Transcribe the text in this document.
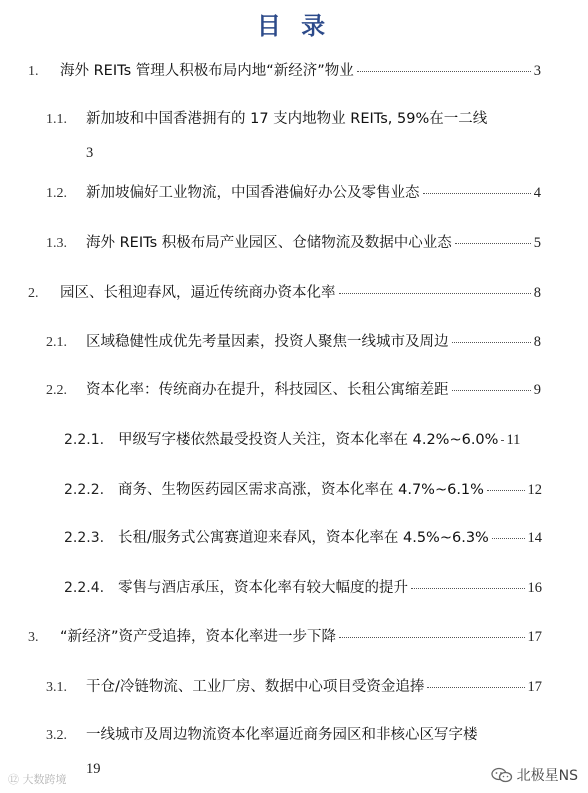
目 录
1.	海外 REITs 管理人积极布局内地“新经济”物业	3
1.1.	新加坡和中国香港拥有的 17 支内地物业 REITs, 59%在一二线
3
1.2.	新加坡偏好工业物流，中国香港偏好办公及零售业态	4
1.3.	海外 REITs 积极布局产业园区、仓储物流及数据中心业态	5
2.	园区、长租迎春风，逼近传统商办资本化率	8
2.1.	区域稳健性成优先考量因素，投资人聚焦一线城市及周边	8
2.2.	资本化率：传统商办在提升，科技园区、长租公寓缩差距	9
2.2.1. 甲级写字楼依然最受投资人关注，资本化率在 4.2%~6.0% 11
2.2.2. 商务、生物医药园区需求高涨，资本化率在 4.7%~6.1%	12
2.2.3. 长租/服务式公寓赛道迎来春风，资本化率在 4.5%~6.3%	14
2.2.4. 零售与酒店承压，资本化率有较大幅度的提升	16
3.	“新经济”资产受追捧，资本化率进一步下降	17
3.1.	干仓/冷链物流、工业厂房、数据中心项目受资金追捧	17
3.2.	一线城市及周边物流资本化率逼近商务园区和非核心区写字楼
19
⑫ 大数跨境	北极星NS
